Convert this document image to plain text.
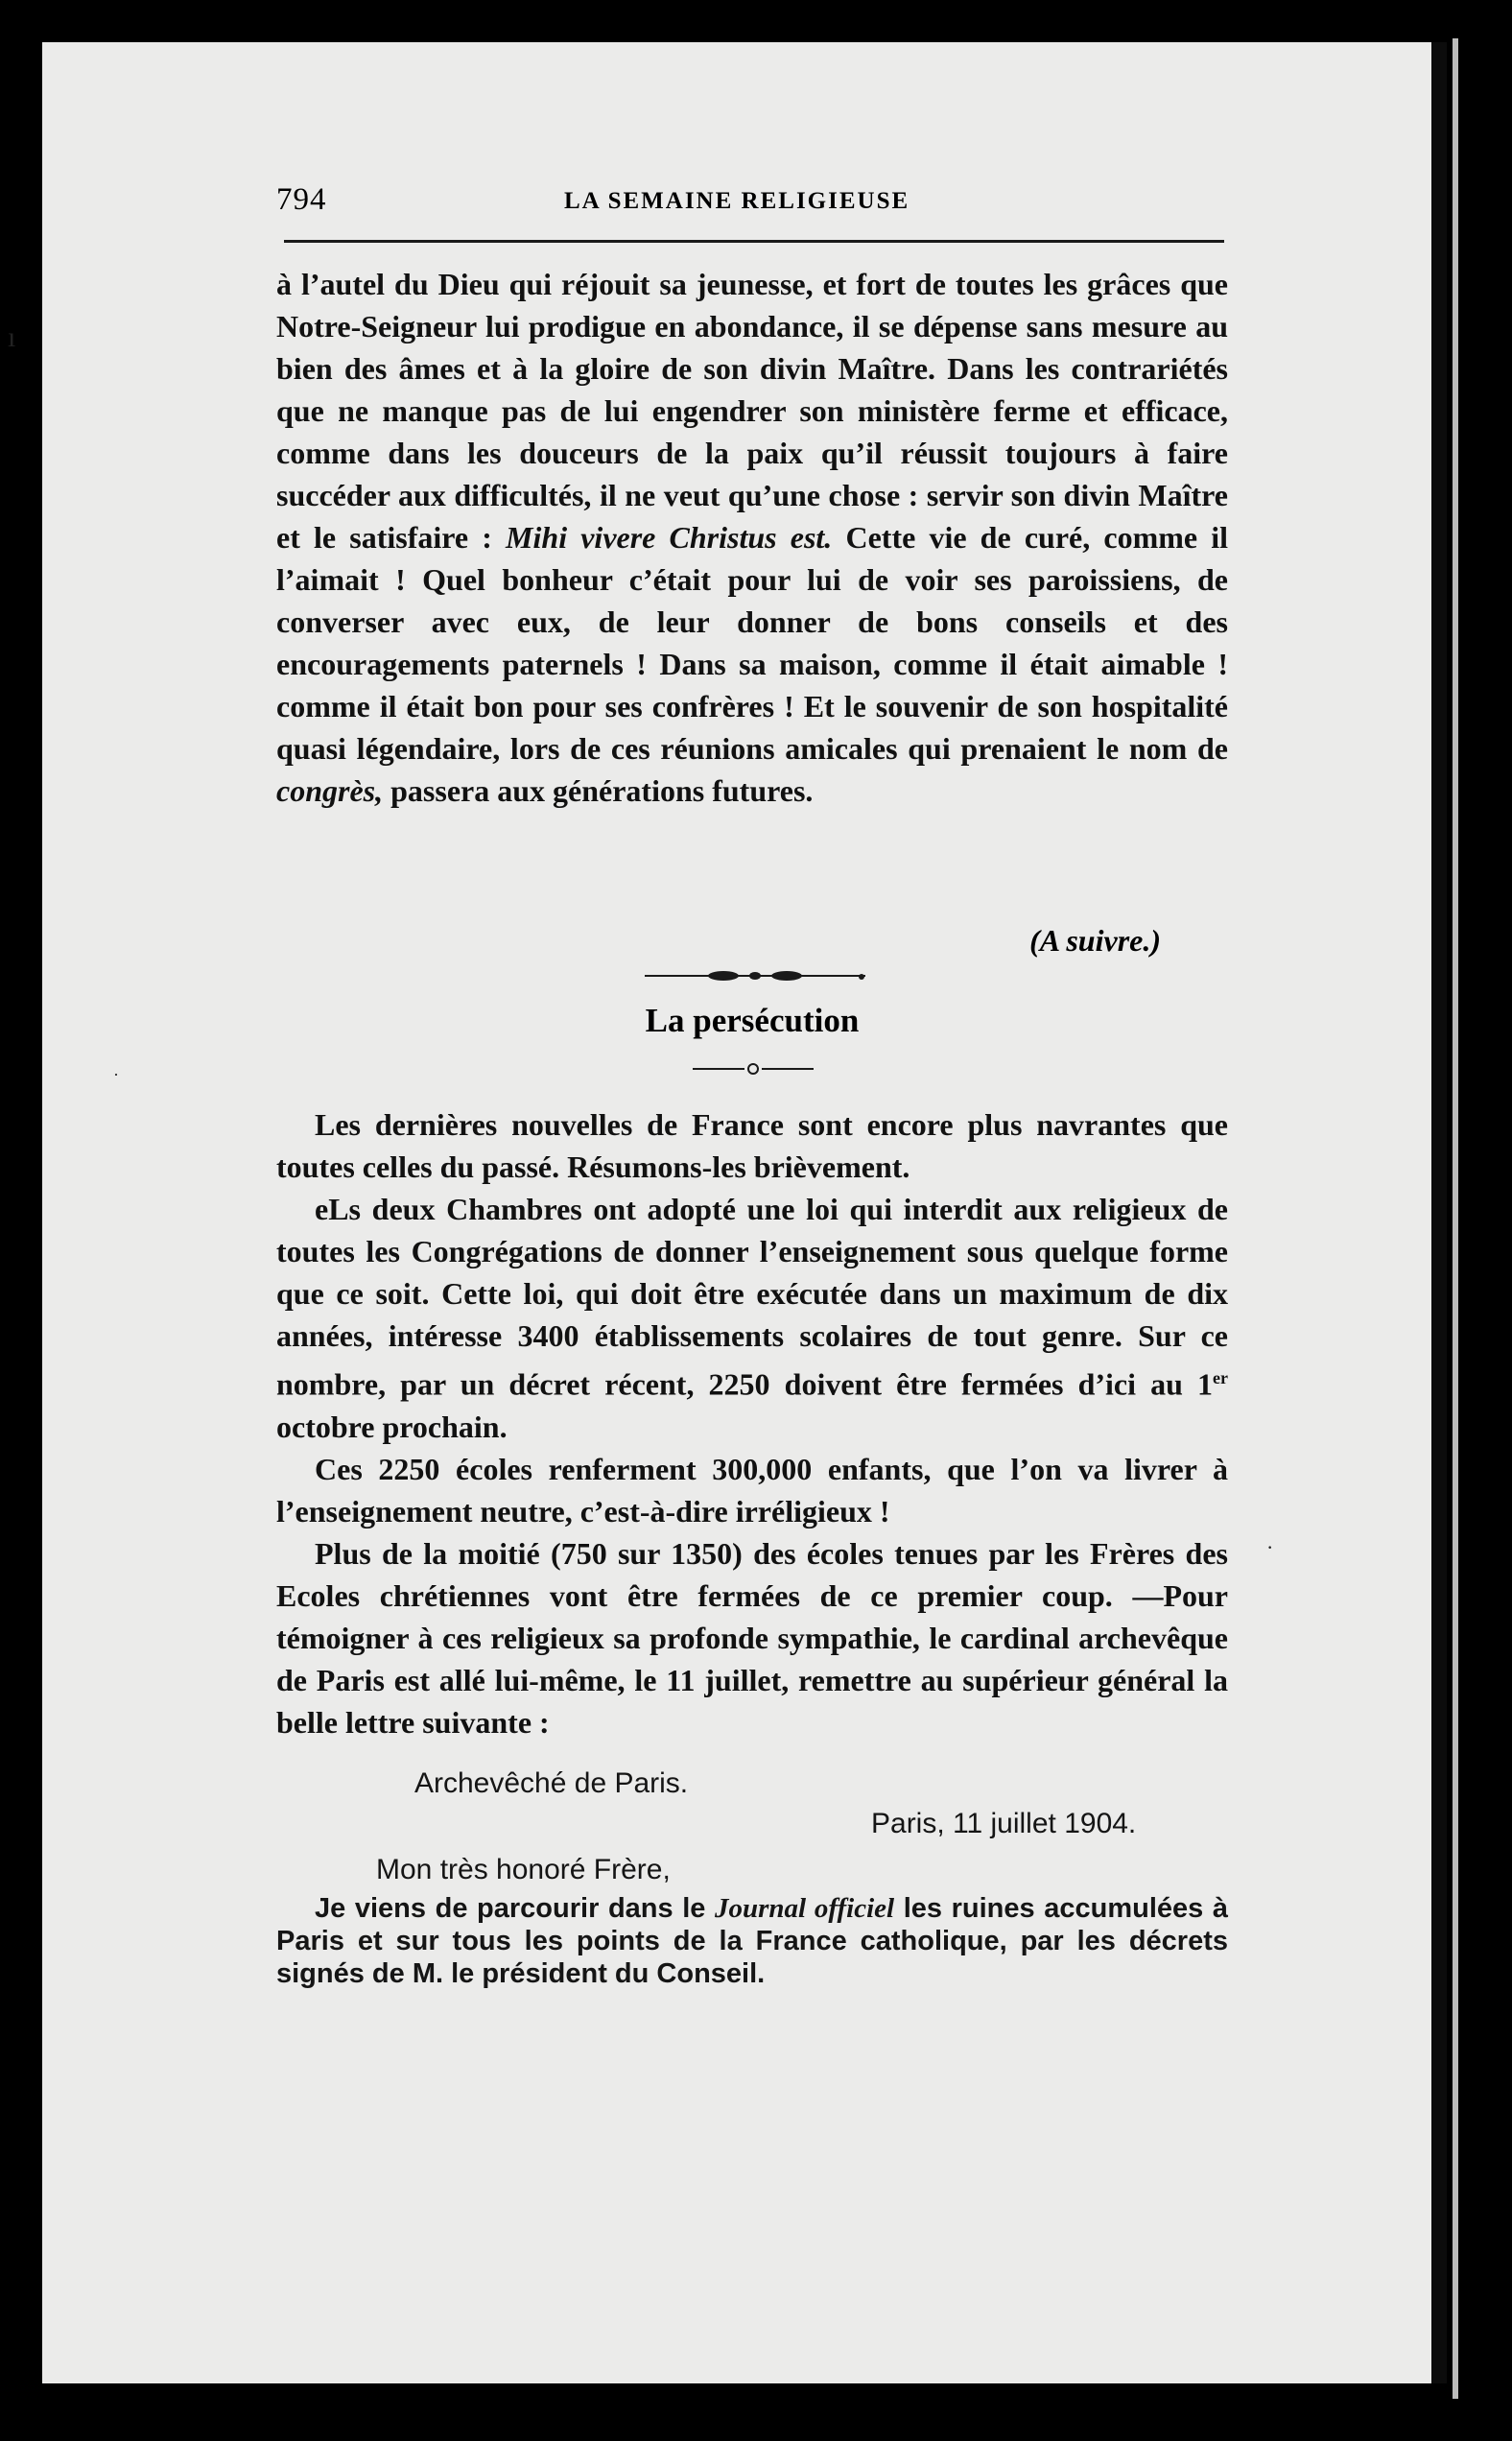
794	LA SEMAINE RELIGIEUSE

à l’autel du Dieu qui réjouit sa jeunesse, et fort de toutes les grâces que Notre-Seigneur lui prodigue en abondance, il se dépense sans mesure au bien des âmes et à la gloire de son divin Maître. Dans les contrariétés que ne manque pas de lui engendrer son ministère ferme et efficace, comme dans les douceurs de la paix qu’il réussit toujours à faire succéder aux difficultés, il ne veut qu’une chose : servir son divin Maître et le satisfaire : Mihi vivere Christus est. Cette vie de curé, comme il l’aimait ! Quel bonheur c’était pour lui de voir ses paroissiens, de converser avec eux, de leur donner de bons conseils et des encouragements paternels ! Dans sa maison, comme il était aimable ! comme il était bon pour ses confrères ! Et le souvenir de son hospitalité quasi légendaire, lors de ces réunions amicales qui prenaient le nom de congrès, passera aux générations futures.

(A suivre.)
La persécution

Les dernières nouvelles de France sont encore plus navrantes que toutes celles du passé. Résumons-les brièvement.

eLs deux Chambres ont adopté une loi qui interdit aux religieux de toutes les Congrégations de donner l’enseignement sous quelque forme que ce soit. Cette loi, qui doit être exécutée dans un maximum de dix années, intéresse 3400 établissements scolaires de tout genre. Sur ce nombre, par un décret récent, 2250 doivent être fermées d’ici au 1er octobre prochain.

Ces 2250 écoles renferment 300,000 enfants, que l’on va livrer à l’enseignement neutre, c’est-à-dire irréligieux !

Plus de la moitié (750 sur 1350) des écoles tenues par les Frères des Ecoles chrétiennes vont être fermées de ce premier coup. —Pour témoigner à ces religieux sa profonde sympathie, le cardinal archevêque de Paris est allé lui-même, le 11 juillet, remettre au supérieur général la belle lettre suivante :

Archevêché de Paris.
Paris, 11 juillet 1904.
Mon très honoré Frère,
Je viens de parcourir dans le Journal officiel les ruines accumulées à Paris et sur tous les points de la France catholique, par les décrets signés de M. le président du Conseil.
ı
·
·
